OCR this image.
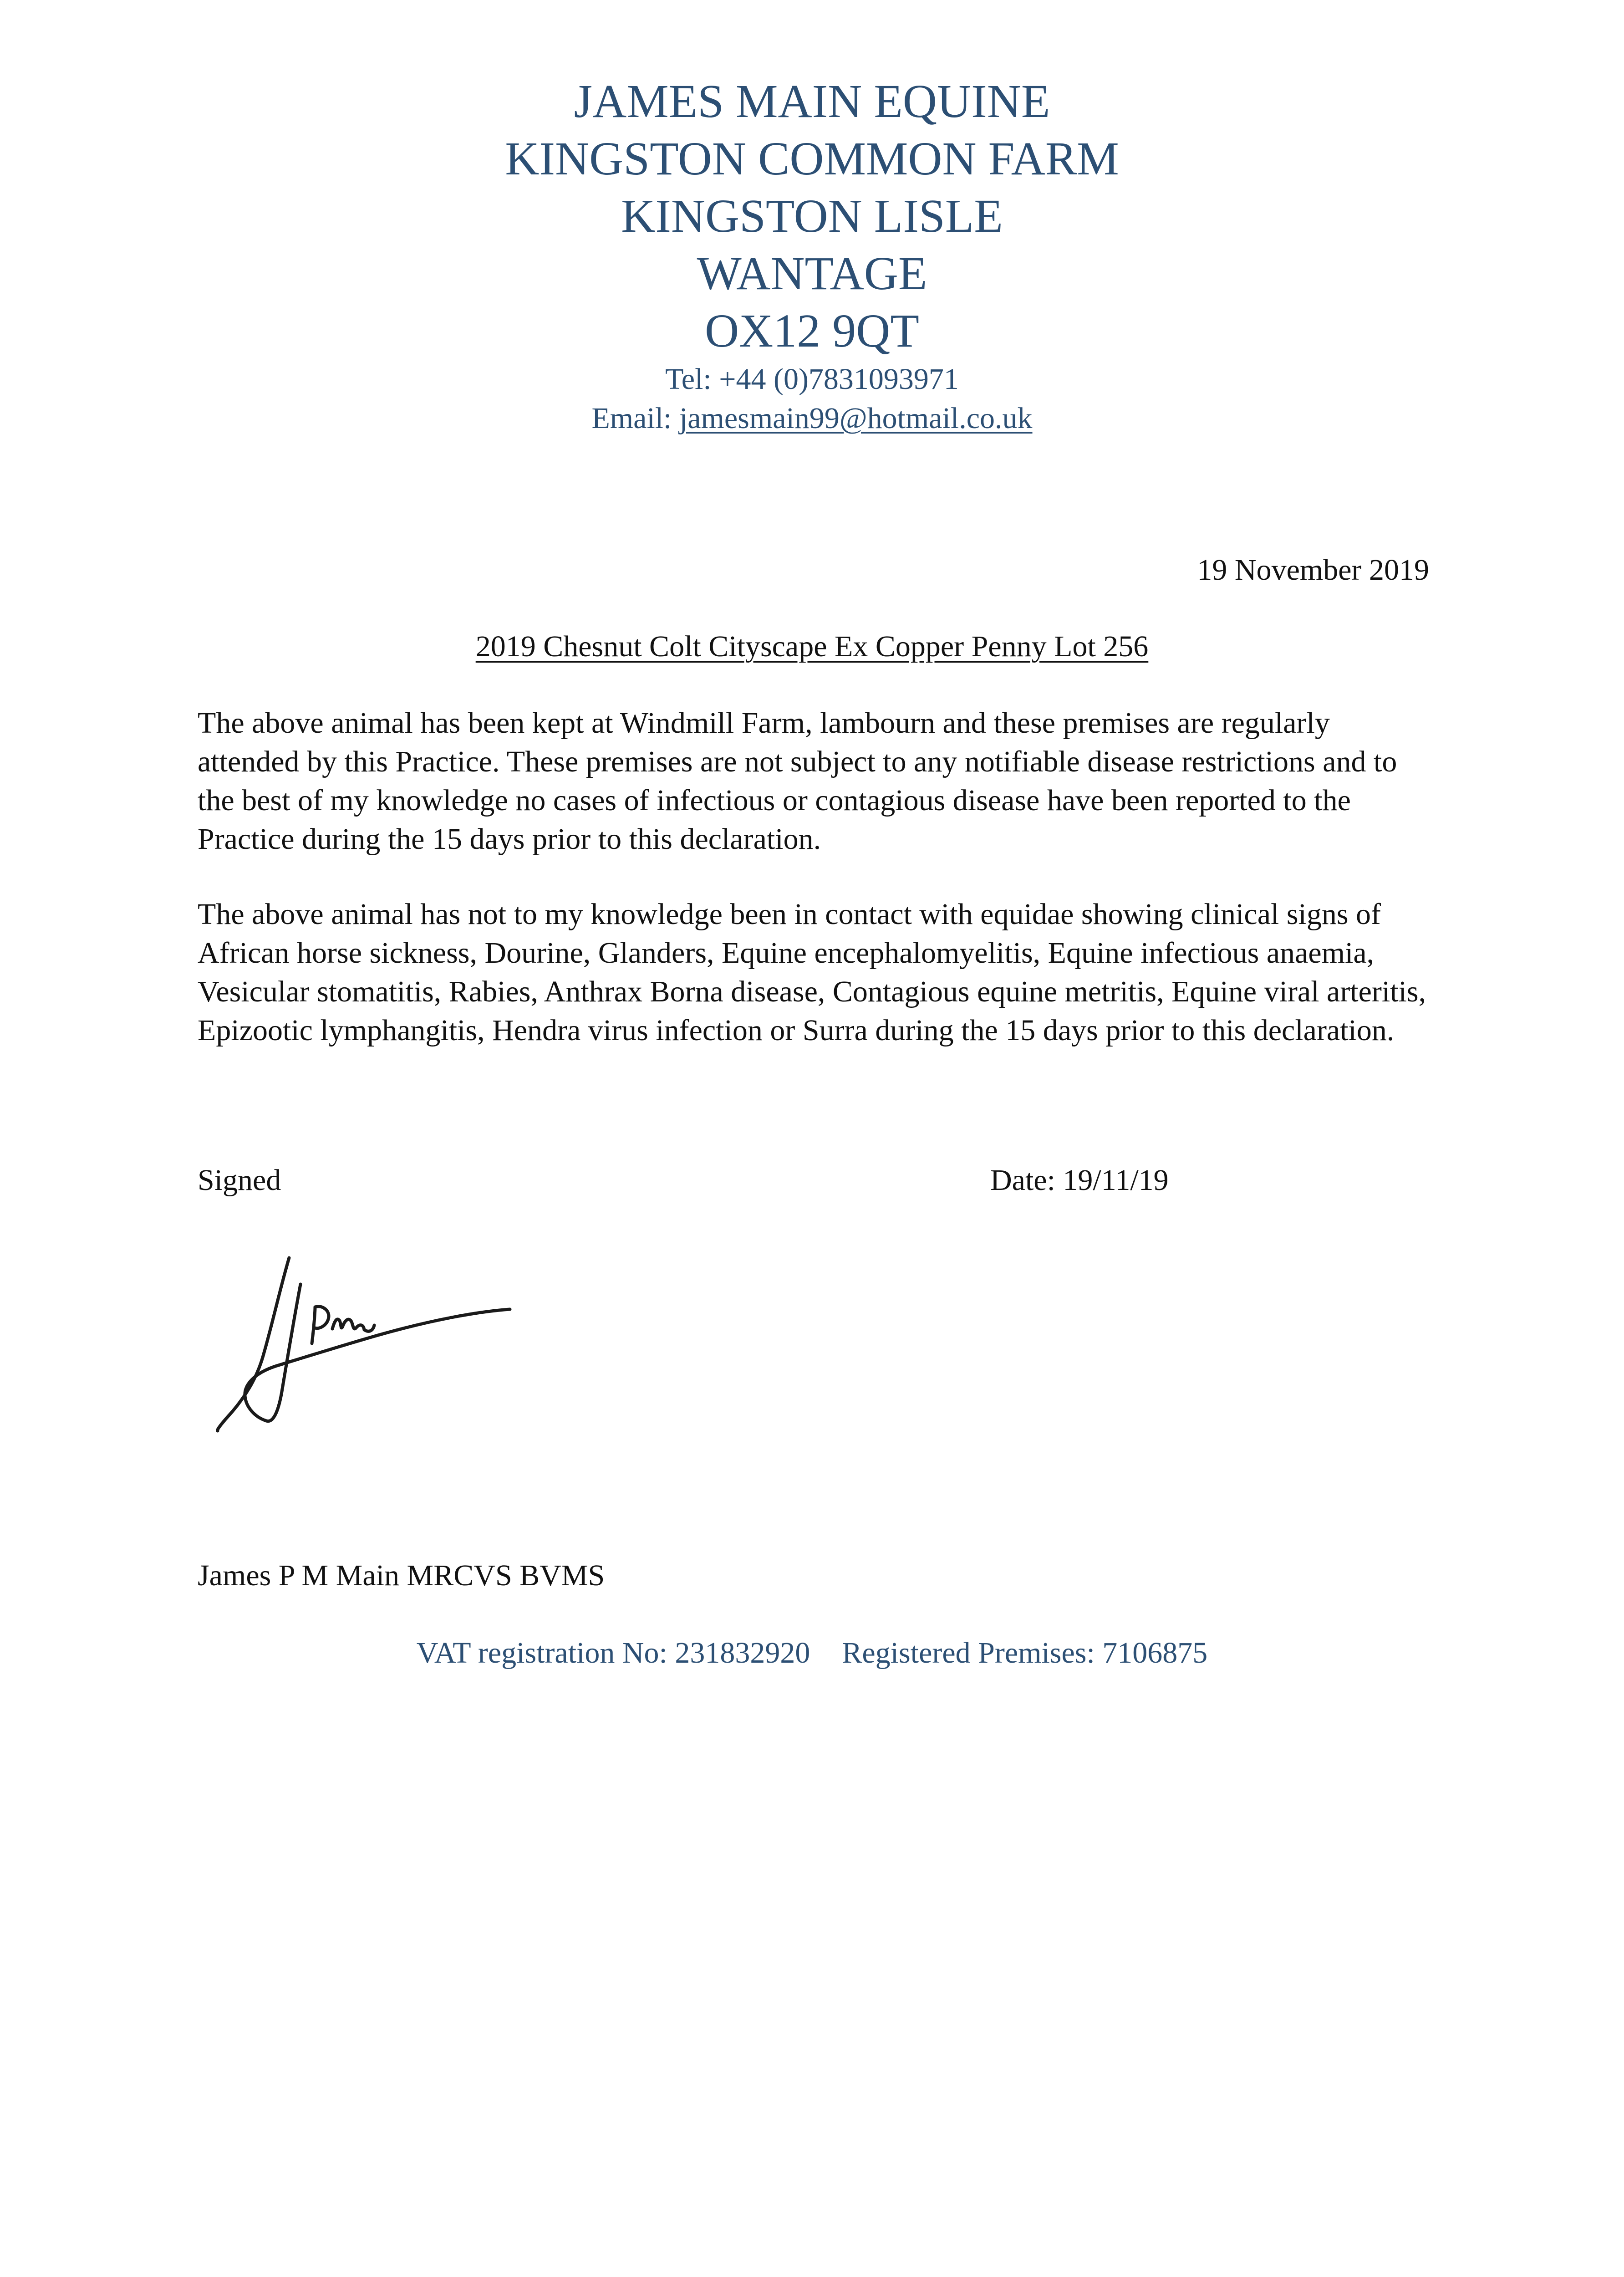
JAMES MAIN EQUINE

KINGSTON COMMON FARM

KINGSTON LISLE

WANTAGE

OX12 9QT

Tel: +44 (0)7831093971

Email: jamesmain99@hotmail.co.uk

19 November 2019
2019 Chesnut Colt Cityscape Ex Copper Penny Lot 256

The above animal has been kept at Windmill Farm, lambourn and these premises are regularly attended by this Practice. These premises are not subject to any notifiable disease restrictions and to the best of my knowledge no cases of infectious or contagious disease have been reported to the Practice during the 15 days prior to this declaration.

The above animal has not to my knowledge been in contact with equidae showing clinical signs of African horse sickness, Dourine, Glanders, Equine encephalomyelitis, Equine infectious anaemia, Vesicular stomatitis, Rabies, Anthrax Borna disease, Contagious equine metritis, Equine viral arteritis, Epizootic lymphangitis, Hendra virus infection or Surra during the 15 days prior to this declaration.

Signed	Date: 19/11/19
James P M Main MRCVS BVMS
VAT registration No: 231832920 Registered Premises: 7106875
